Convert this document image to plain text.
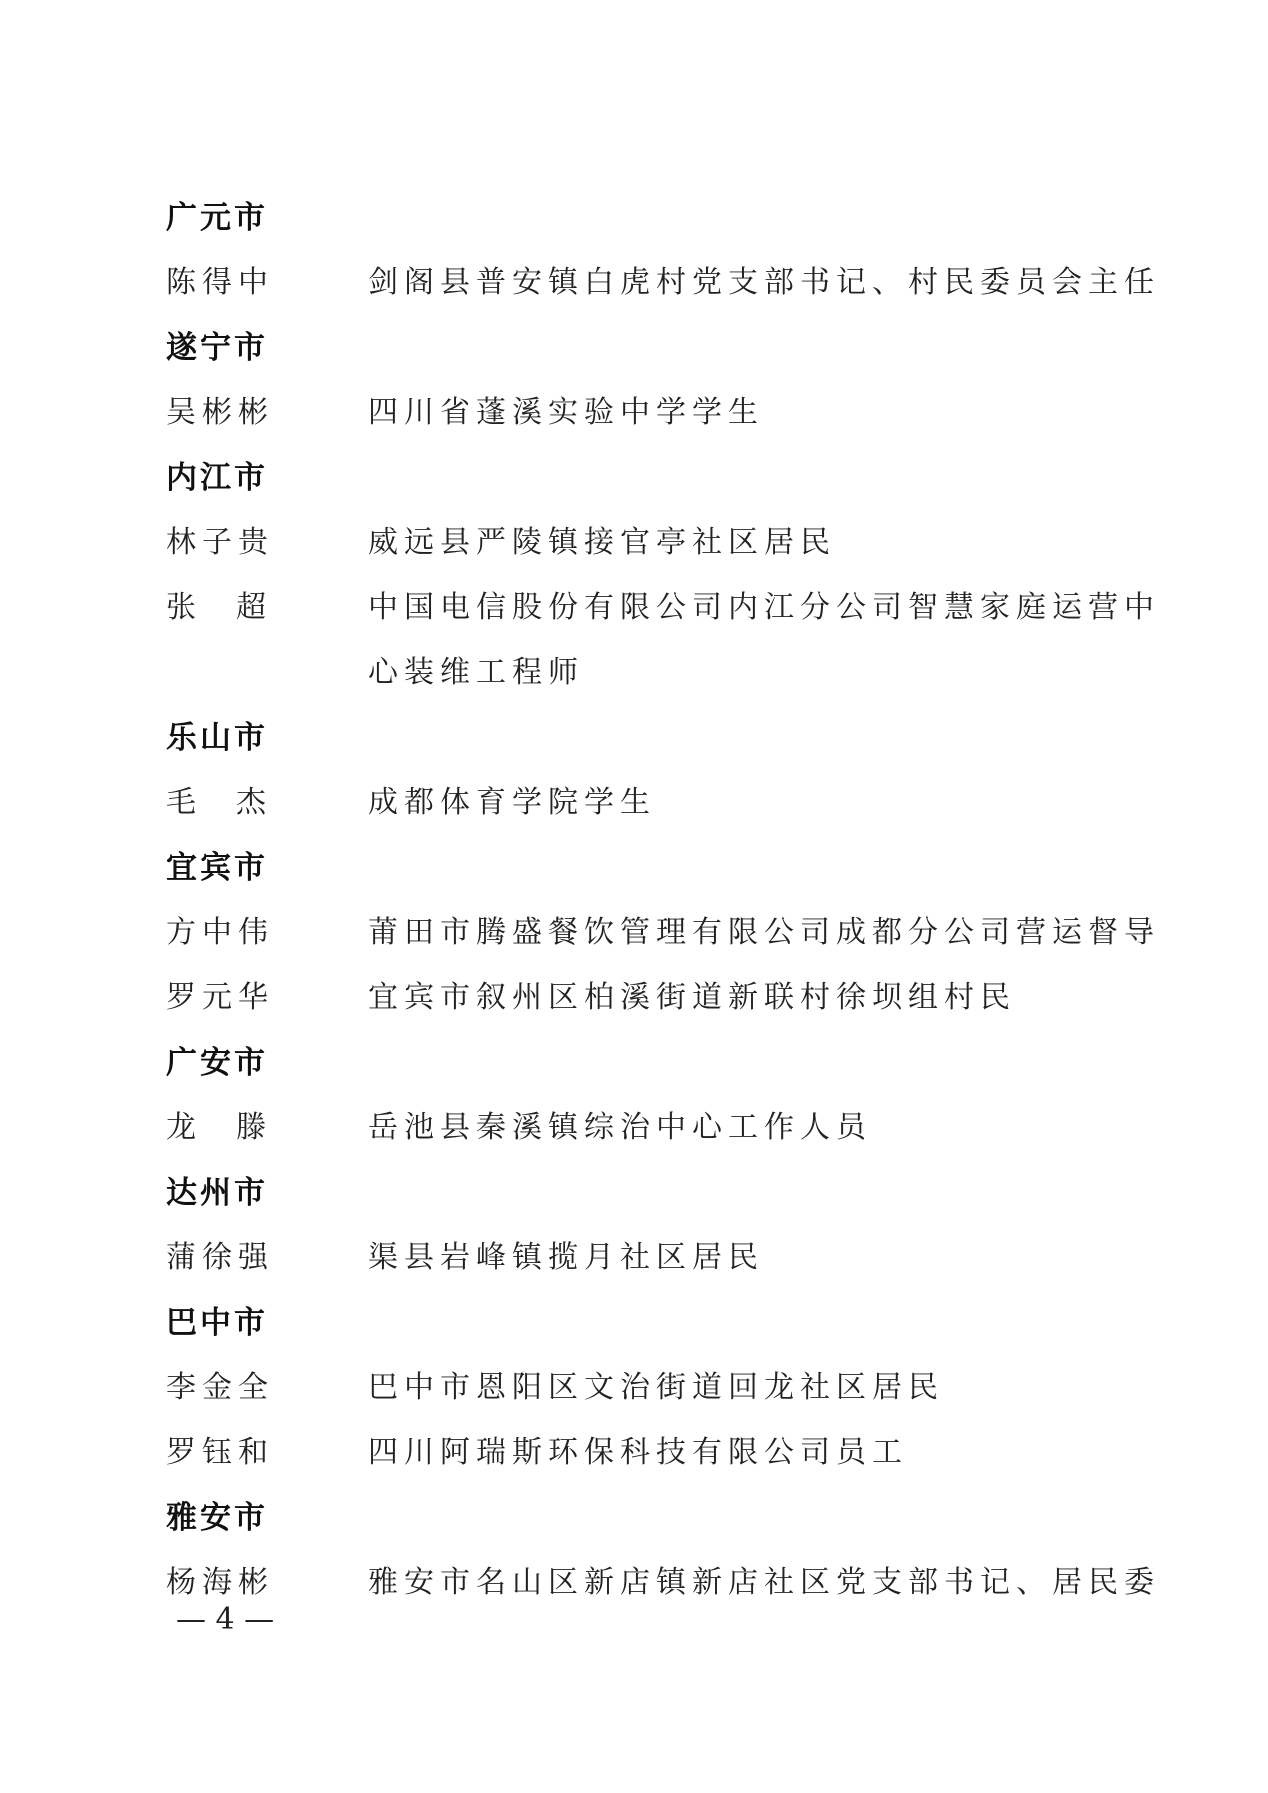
广元市
陈得中	剑阁县普安镇白虎村党支部书记、村民委员会主任
遂宁市
吴彬彬	四川省蓬溪实验中学学生
内江市
林子贵	威远县严陵镇接官亭社区居民
张超 中国电信股份有限公司内江分公司智慧家庭运营中
心装维工程师
乐山市
毛杰 成都体育学院学生
宜宾市
方中伟	莆田市腾盛餐饮管理有限公司成都分公司营运督导
罗元华	宜宾市叙州区柏溪街道新联村徐坝组村民
广安市
龙滕 岳池县秦溪镇综治中心工作人员
达州市
蒲徐强	渠县岩峰镇揽月社区居民
巴中市
李金全	巴中市恩阳区文治街道回龙社区居民
罗钰和	四川阿瑞斯环保科技有限公司员工
雅安市
杨海彬	雅安市名山区新店镇新店社区党支部书记、居民委
— 4 —
